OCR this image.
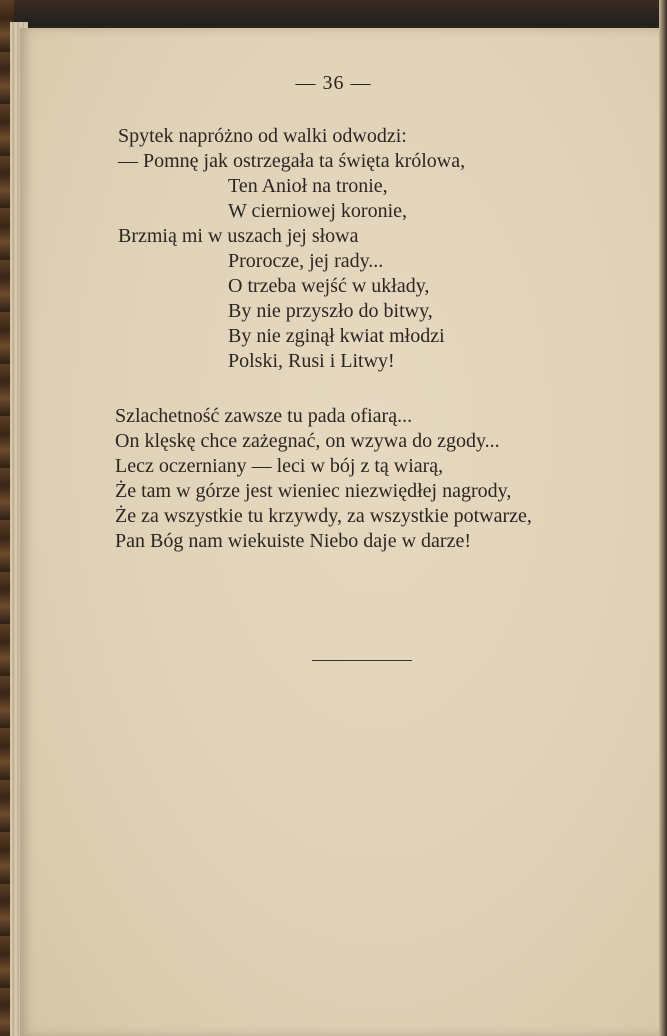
— 36 —
Spytek napróżno od walki odwodzi:
— Pomnę jak ostrzegała ta święta królowa,
Ten Anioł na tronie,
W cierniowej koronie,
Brzmią mi w uszach jej słowa
Prorocze, jej rady...
O trzeba wejść w układy,
By nie przyszło do bitwy,
By nie zginął kwiat młodzi
Polski, Rusi i Litwy!
Szlachetność zawsze tu pada ofiarą...
On klęskę chce zażegnać, on wzywa do zgody...
Lecz oczerniany — leci w bój z tą wiarą,
Że tam w górze jest wieniec niezwiędłej nagrody,
Że za wszystkie tu krzywdy, za wszystkie potwarze,
Pan Bóg nam wiekuiste Niebo daje w darze!
